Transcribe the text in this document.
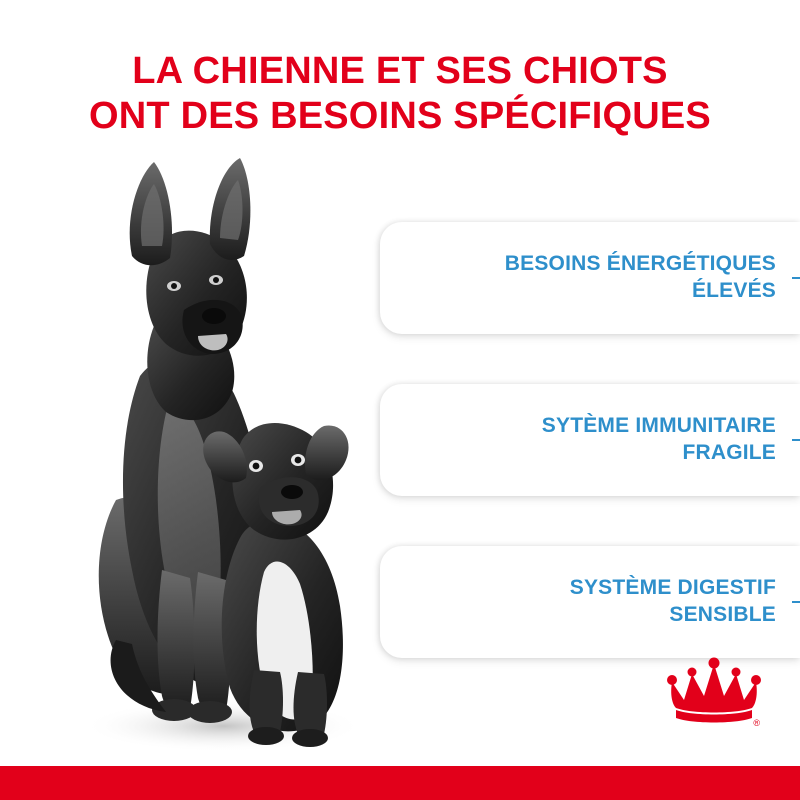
LA CHIENNE ET SES CHIOTS
ONT DES BESOINS SPÉCIFIQUES
BESOINS ÉNERGÉTIQUES
ÉLEVÉS
SYTÈME IMMUNITAIRE
FRAGILE
SYSTÈME DIGESTIF
SENSIBLE
®
